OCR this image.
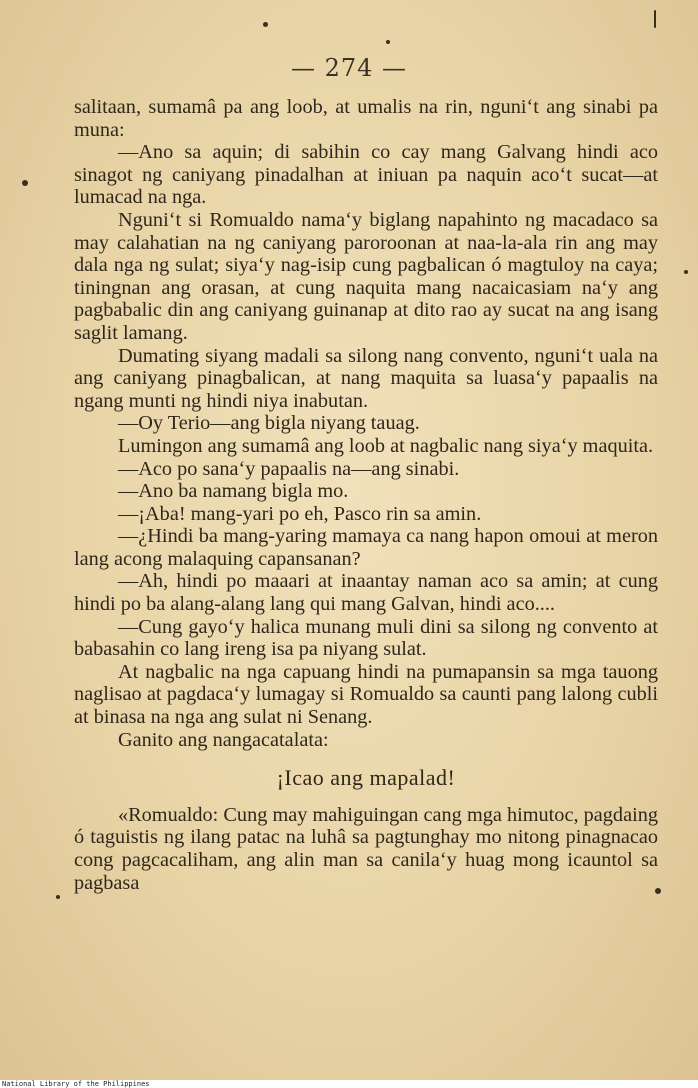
— 274 —

salitaan, sumamâ pa ang loob, at umalis na rin, nguni‘t ang sinabi pa muna:

—Ano sa aquin; di sabihin co cay mang Galvang hindi aco sinagot ng caniyang pinadalhan at iniuan pa naquin aco‘t sucat—at lumacad na nga.

Nguni‘t si Romualdo nama‘y biglang napahinto ng macadaco sa may calahatian na ng caniyang paroroonan at naa-la-ala rin ang may dala nga ng sulat; siya‘y nag-isip cung pagbalican ó magtuloy na caya; tiningnan ang orasan, at cung naquita mang nacaicasiam na‘y ang pagbabalic din ang caniyang guinanap at dito rao ay sucat na ang isang saglit lamang.

Dumating siyang madali sa silong nang convento, nguni‘t uala na ang caniyang pinagbalican, at nang maquita sa luasa‘y papaalis na ngang munti ng hindi niya inabutan.

—Oy Terio—ang bigla niyang tauag.

Lumingon ang sumamâ ang loob at nagbalic nang siya‘y maquita.

—Aco po sana‘y papaalis na—ang sinabi.

—Ano ba namang bigla mo.

—¡Aba! mang-yari po eh, Pasco rin sa amin.

—¿Hindi ba mang-yaring mamaya ca nang hapon omoui at meron lang acong malaquing capansanan?

—Ah, hindi po maaari at inaantay naman aco sa amin; at cung hindi po ba alang-alang lang qui mang Galvan, hindi aco....

—Cung gayo‘y halica munang muli dini sa silong ng convento at babasahin co lang ireng isa pa niyang sulat.

At nagbalic na nga capuang hindi na pumapansin sa mga tauong naglisao at pagdaca‘y lumagay si Romualdo sa caunti pang lalong cubli at binasa na nga ang sulat ni Senang.

Ganito ang nangacatalata:

¡Icao ang mapalad!

«Romualdo: Cung may mahiguingan cang mga himutoc, pagdaing ó taguistis ng ilang patac na luhâ sa pagtunghay mo nitong pinagnacao cong pagcacaliham, ang alin man sa canila‘y huag mong icauntol sa pagbasa

National Library of the Philippines
